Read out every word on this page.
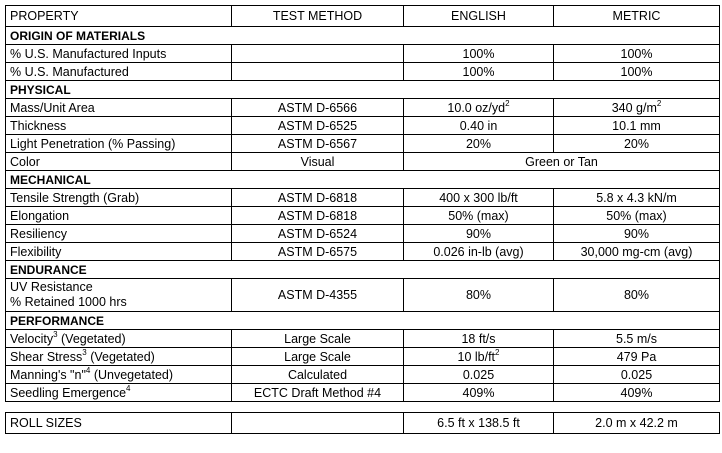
PROPERTY	TEST METHOD	ENGLISH	METRIC
ORIGIN OF MATERIALS			
% U.S. Manufactured Inputs		100%	100%
% U.S. Manufactured		100%	100%
PHYSICAL			
Mass/Unit Area	ASTM D-6566	10.0 $oz/yd^2$	340 $g/m^2$
Thickness	ASTM D-6525	0.40 in	10.1 mm
Light Penetration (% Passing)	ASTM D-6567	20%	20%
Color	Visual	Green or Tan	
MECHANICAL			
Tensile Strength (Grab)	ASTM D-6818	400 x 300 lb/ft	5.8 x 4.3 kN/m
Elongation	ASTM D-6818	50% (max)	50% (max)
Resiliency	ASTM D-6524	90%	90%
Flexibility	ASTM D-6575	0.026 in-lb (avg)	30,000 mg-cm (avg)
ENDURANCE			

UV Resistance
% Retained 1000 hrs	ASTM D-4355	80%	80%
PERFORMANCE			
Velocity$^3$ (Vegetated)	Large Scale	18 ft/s	5.5 m/s
Shear Stress$^3$ (Vegetated)	Large Scale	10 $lb/ft^2$	479 Pa
Manning's "n"$^4$ (Unvegetated)	Calculated	0.025	0.025
Seedling Emergence$^4$	ECTC Draft Method #4	409%	409%
ROLL SIZES		6.5 ft x 138.5 ft	2.0 m x 42.2 m
